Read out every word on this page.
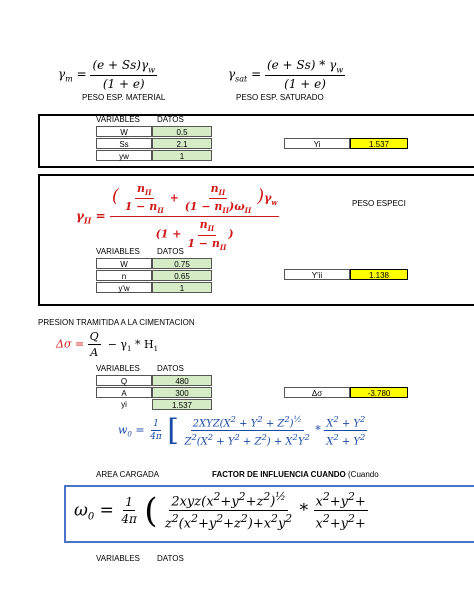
$\gamma_m = \frac{(e + Ss)\gamma_w}{(1 + e)}$	$\gamma_{sat} = \frac{(e + Ss) * \gamma_w}{(1 + e)}$
PESO ESP. MATERIAL	PESO ESP. SATURADO
VARIABLES DATOS
W	0.5
Ss	2.1
yw	1
Yi	1.537
$\gamma_{II} = \frac{( \frac{n_{II}}{1 - n_{II}} + \frac{n_{II}}{(1 - n_{II})\omega_{II}} )\gamma_w}{(1 + \frac{n_{II}}{1 - n_{II}} )}$	PESO ESPECI
VARIABLES DATOS
W	0.75
n	0.65
y'w	1
Y'ii	1.138
PRESION TRAMITIDA A LA CIMENTACION
$\Delta\sigma = \frac{Q}{A} - \gamma_1 * H_1$
VARIABLES DATOS
Q	480
A	300
yi	1.537
Δσ	-3.780
$w_0 = \frac{1}{4\pi}$ [ $\frac{2XYZ(X^2 + Y^2 + Z^2)^{\frac{1}{2}}}{Z^2(X^2 + Y^2 + Z^2) + X^2Y^2} * \frac{X^2 + Y^2}{X^2 + Y^2}$
AREA CARGADA	FACTOR DE INFLUENCIA CUANDO (Cuando
$\omega_0 = \frac{1}{4\pi}$ ( $\frac{2xyz(x^2+y^2+z^2)^{\frac{1}{2}}}{z^2(x^2+y^2+z^2)+x^2y^2} * \frac{x^2+y^2+}{x^2+y^2+}$
VARIABLES DATOS
